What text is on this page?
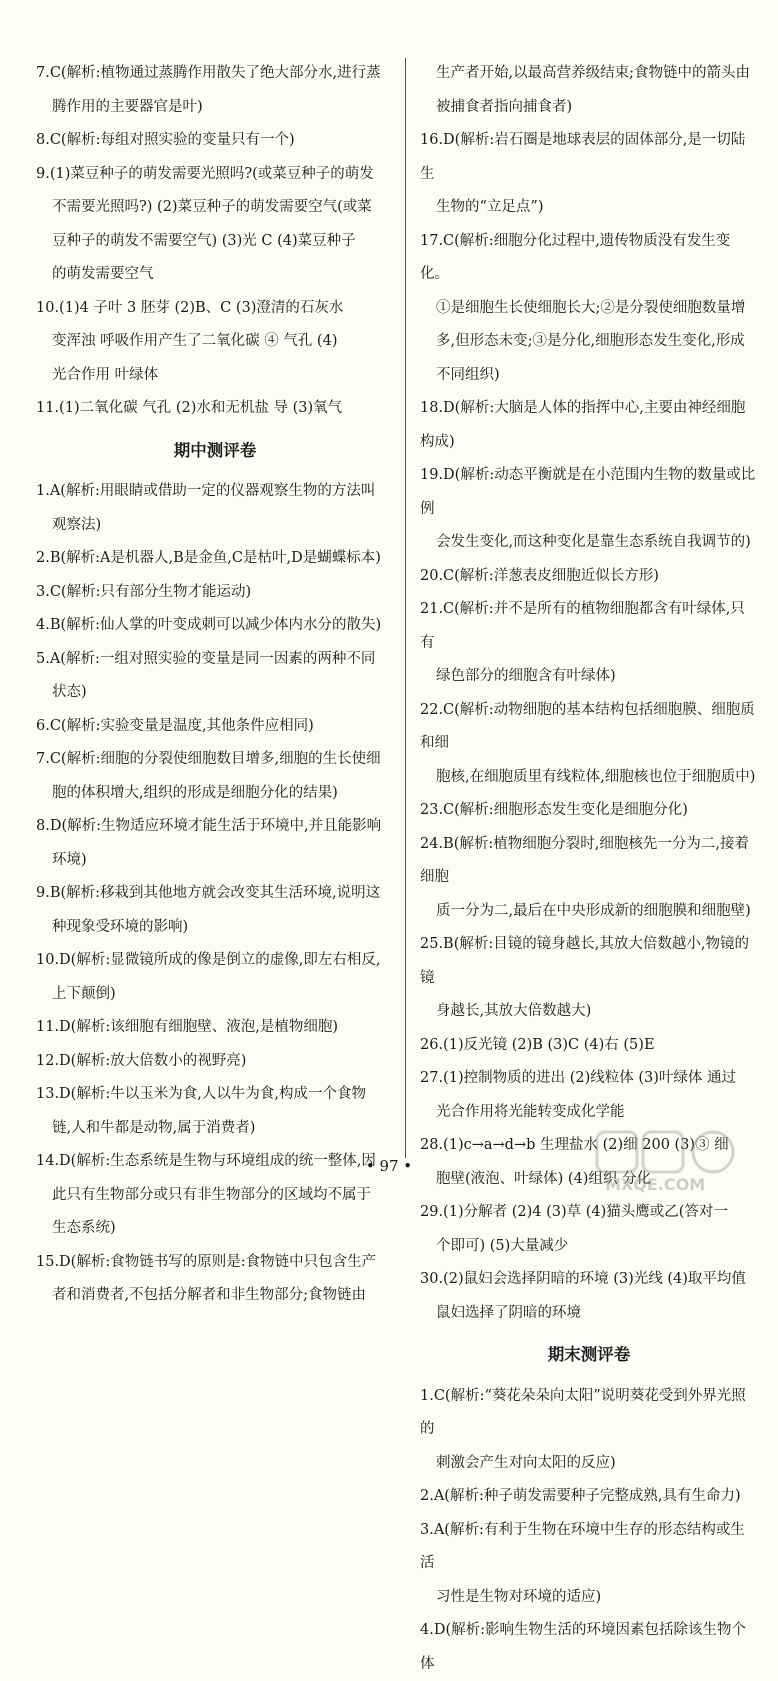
7.C(解析:植物通过蒸腾作用散失了绝大部分水,进行蒸

腾作用的主要器官是叶)

8.C(解析:每组对照实验的变量只有一个)

9.(1)菜豆种子的萌发需要光照吗?(或菜豆种子的萌发

不需要光照吗?) (2)菜豆种子的萌发需要空气(或菜

豆种子的萌发不需要空气) (3)光 C (4)菜豆种子

的萌发需要空气

10.(1)4 子叶 3 胚芽 (2)B、C (3)澄清的石灰水

变浑浊 呼吸作用产生了二氧化碳 ④ 气孔 (4)

光合作用 叶绿体

11.(1)二氧化碳 气孔 (2)水和无机盐 导 (3)氧气

期中测评卷

1.A(解析:用眼睛或借助一定的仪器观察生物的方法叫

观察法)

2.B(解析:A是机器人,B是金鱼,C是枯叶,D是蝴蝶标本)

3.C(解析:只有部分生物才能运动)

4.B(解析:仙人掌的叶变成刺可以减少体内水分的散失)

5.A(解析:一组对照实验的变量是同一因素的两种不同

状态)

6.C(解析:实验变量是温度,其他条件应相同)

7.C(解析:细胞的分裂使细胞数目增多,细胞的生长使细

胞的体积增大,组织的形成是细胞分化的结果)

8.D(解析:生物适应环境才能生活于环境中,并且能影响

环境)

9.B(解析:移栽到其他地方就会改变其生活环境,说明这

种现象受环境的影响)

10.D(解析:显微镜所成的像是倒立的虚像,即左右相反,

上下颠倒)

11.D(解析:该细胞有细胞壁、液泡,是植物细胞)

12.D(解析:放大倍数小的视野亮)

13.D(解析:牛以玉米为食,人以牛为食,构成一个食物

链,人和牛都是动物,属于消费者)

14.D(解析:生态系统是生物与环境组成的统一整体,因

此只有生物部分或只有非生物部分的区域均不属于

生态系统)

15.D(解析:食物链书写的原则是:食物链中只包含生产

者和消费者,不包括分解者和非生物部分;食物链由

生产者开始,以最高营养级结束;食物链中的箭头由

被捕食者指向捕食者)

16.D(解析:岩石圈是地球表层的固体部分,是一切陆生

生物的“立足点”)

17.C(解析:细胞分化过程中,遗传物质没有发生变化。

①是细胞生长使细胞长大;②是分裂使细胞数量增

多,但形态未变;③是分化,细胞形态发生变化,形成

不同组织)

18.D(解析:大脑是人体的指挥中心,主要由神经细胞构成)

19.D(解析:动态平衡就是在小范围内生物的数量或比例

会发生变化,而这种变化是靠生态系统自我调节的)

20.C(解析:洋葱表皮细胞近似长方形)

21.C(解析:并不是所有的植物细胞都含有叶绿体,只有

绿色部分的细胞含有叶绿体)

22.C(解析:动物细胞的基本结构包括细胞膜、细胞质和细

胞核,在细胞质里有线粒体,细胞核也位于细胞质中)

23.C(解析:细胞形态发生变化是细胞分化)

24.B(解析:植物细胞分裂时,细胞核先一分为二,接着细胞

质一分为二,最后在中央形成新的细胞膜和细胞壁)

25.B(解析:目镜的镜身越长,其放大倍数越小,物镜的镜

身越长,其放大倍数越大)

26.(1)反光镜 (2)B (3)C (4)右 (5)E

27.(1)控制物质的进出 (2)线粒体 (3)叶绿体 通过

光合作用将光能转变成化学能

28.(1)c→a→d→b 生理盐水 (2)细 200 (3)③ 细

胞壁(液泡、叶绿体) (4)组织 分化

29.(1)分解者 (2)4 (3)草 (4)猫头鹰或乙(答对一

个即可) (5)大量减少

30.(2)鼠妇会选择阴暗的环境 (3)光线 (4)取平均值

鼠妇选择了阴暗的环境

期末测评卷

1.C(解析:“葵花朵朵向太阳”说明葵花受到外界光照的

刺激会产生对向太阳的反应)

2.A(解析:种子萌发需要种子完整成熟,具有生命力)

3.A(解析:有利于生物在环境中生存的形态结构或生活

习性是生物对环境的适应)

4.D(解析:影响生物生活的环境因素包括除该生物个体

• 97 •
MXQE.COM
